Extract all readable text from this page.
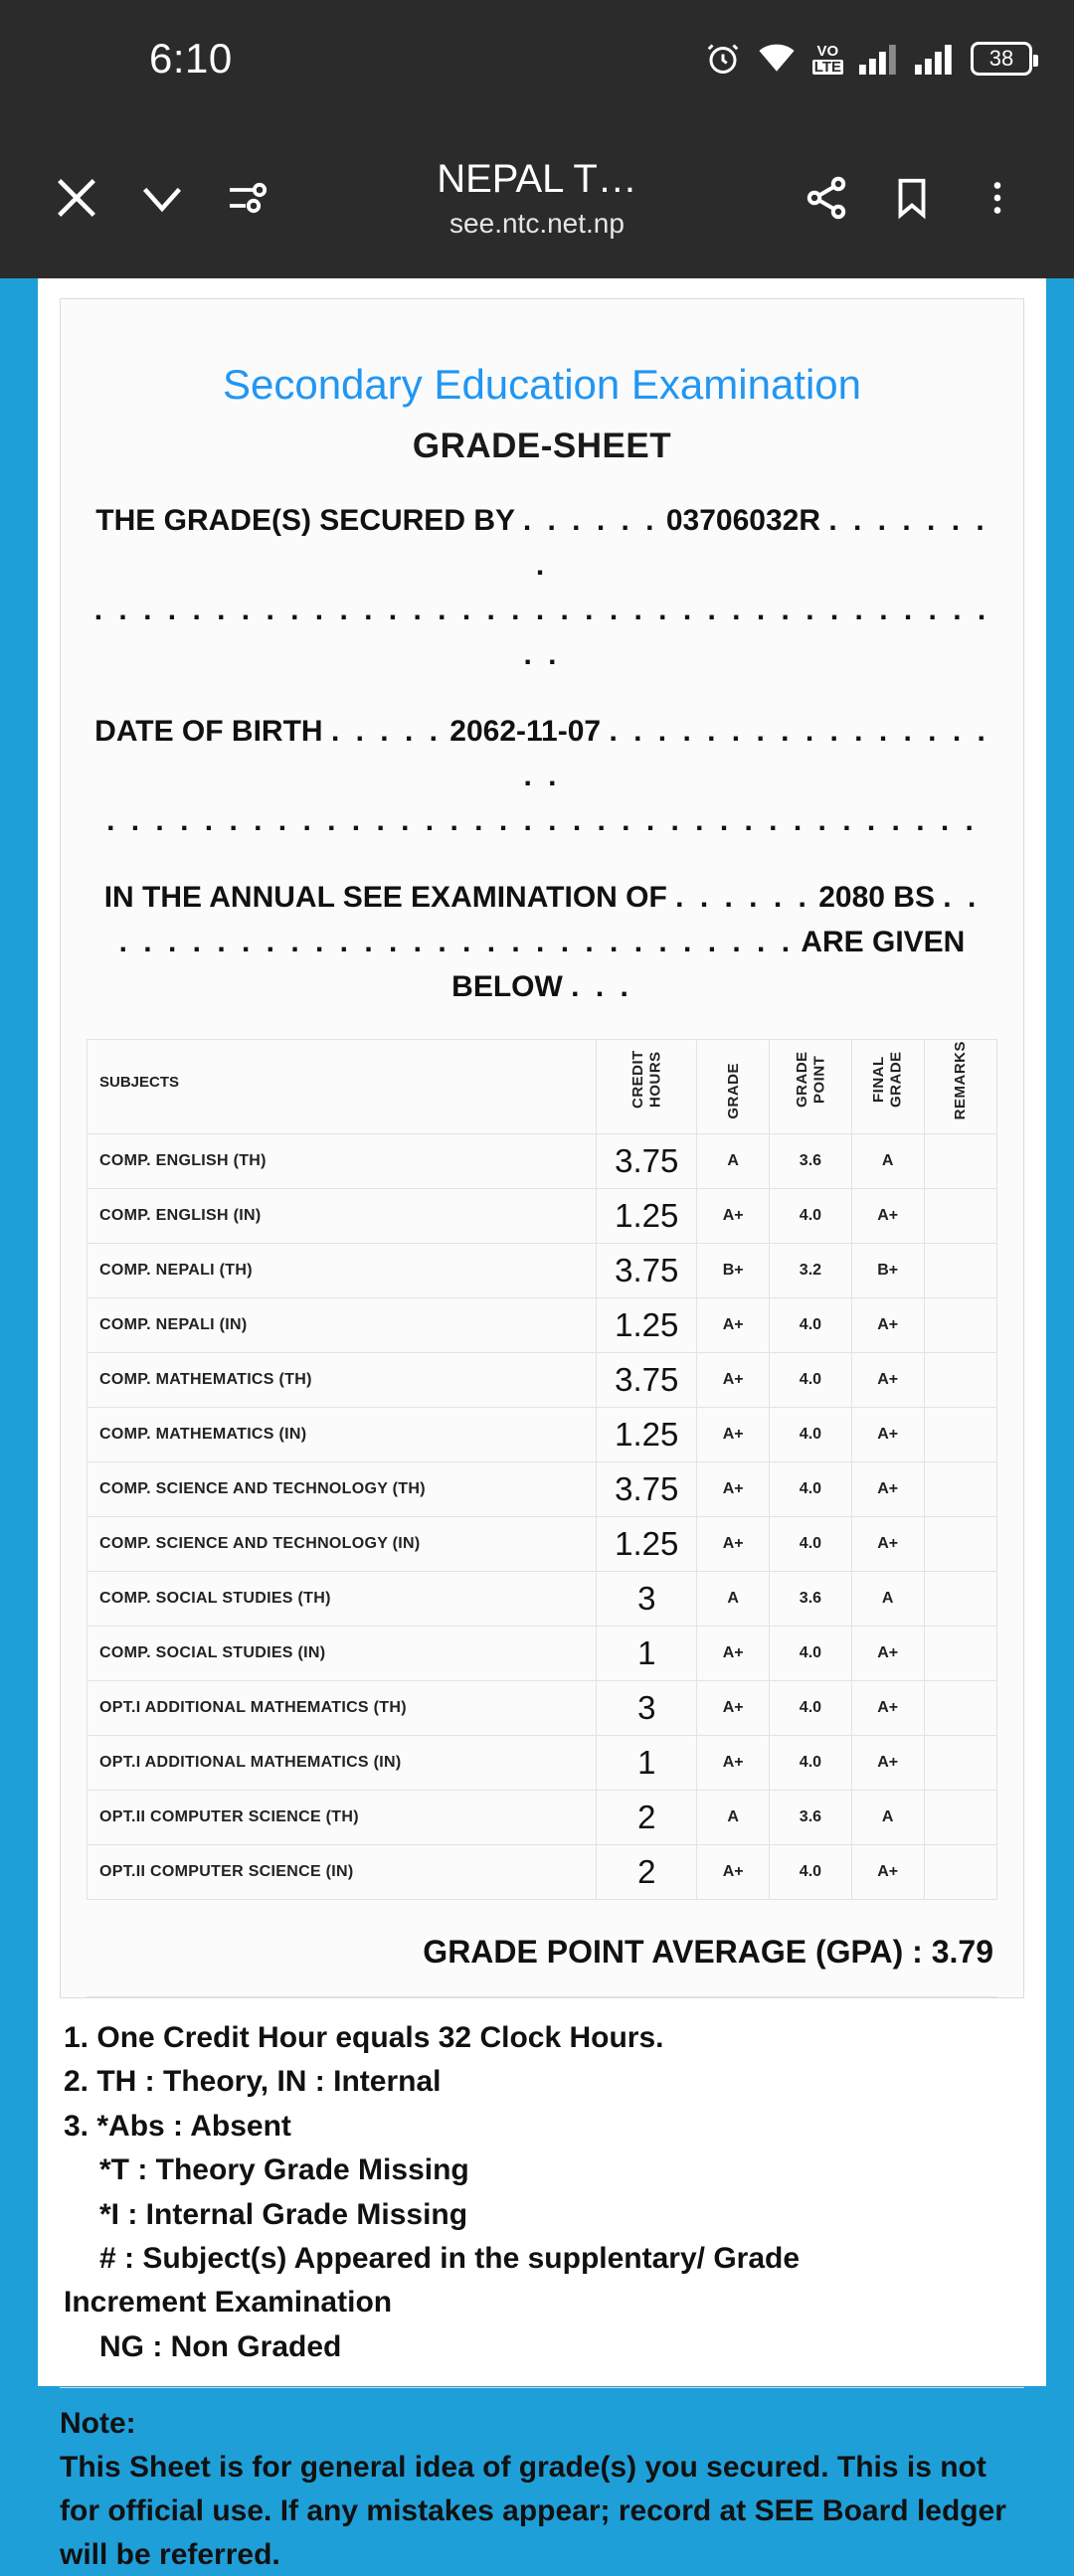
6:10	VO
LTE	38
NEPAL T…
see.ntc.net.np
Secondary Education Examination
GRADE-SHEET
THE GRADE(S) SECURED BY . . . . . . 03706032R . . . . . . . .
. . . . . . . . . . . . . . . . . . . . . . . . . . . . . . . . . . . . . . .
DATE OF BIRTH . . . . . 2062-11-07 . . . . . . . . . . . . . . . . . .
. . . . . . . . . . . . . . . . . . . . . . . . . . . . . . . . . . . .
IN THE ANNUAL SEE EXAMINATION OF . . . . . . 2080 BS . .
. . . . . . . . . . . . . . . . . . . . . . . . . . . . ARE GIVEN BELOW . . .
SUBJECTS	CREDIT HOURS	GRADE	GRADE POINT	FINAL GRADE	REMARKS
COMP. ENGLISH (TH)	3.75	A	3.6	A	
COMP. ENGLISH (IN)	1.25	A+	4.0	A+	
COMP. NEPALI (TH)	3.75	B+	3.2	B+	
COMP. NEPALI (IN)	1.25	A+	4.0	A+	
COMP. MATHEMATICS (TH)	3.75	A+	4.0	A+	
COMP. MATHEMATICS (IN)	1.25	A+	4.0	A+	
COMP. SCIENCE AND TECHNOLOGY (TH)	3.75	A+	4.0	A+	
COMP. SCIENCE AND TECHNOLOGY (IN)	1.25	A+	4.0	A+	
COMP. SOCIAL STUDIES (TH)	3	A	3.6	A	
COMP. SOCIAL STUDIES (IN)	1	A+	4.0	A+	
OPT.I ADDITIONAL MATHEMATICS (TH)	3	A+	4.0	A+	
OPT.I ADDITIONAL MATHEMATICS (IN)	1	A+	4.0	A+	
OPT.II COMPUTER SCIENCE (TH)	2	A	3.6	A	
OPT.II COMPUTER SCIENCE (IN)	2	A+	4.0	A+	
GRADE POINT AVERAGE (GPA) : 3.79
1. One Credit Hour equals 32 Clock Hours.
2. TH : Theory, IN : Internal
3. *Abs : Absent
*T : Theory Grade Missing
*I : Internal Grade Missing
# : Subject(s) Appeared in the supplentary/ Grade
Increment Examination
NG : Non Graded
Note:
This Sheet is for general idea of grade(s) you secured. This is not for official use. If any mistakes appear; record at SEE Board ledger will be referred.
